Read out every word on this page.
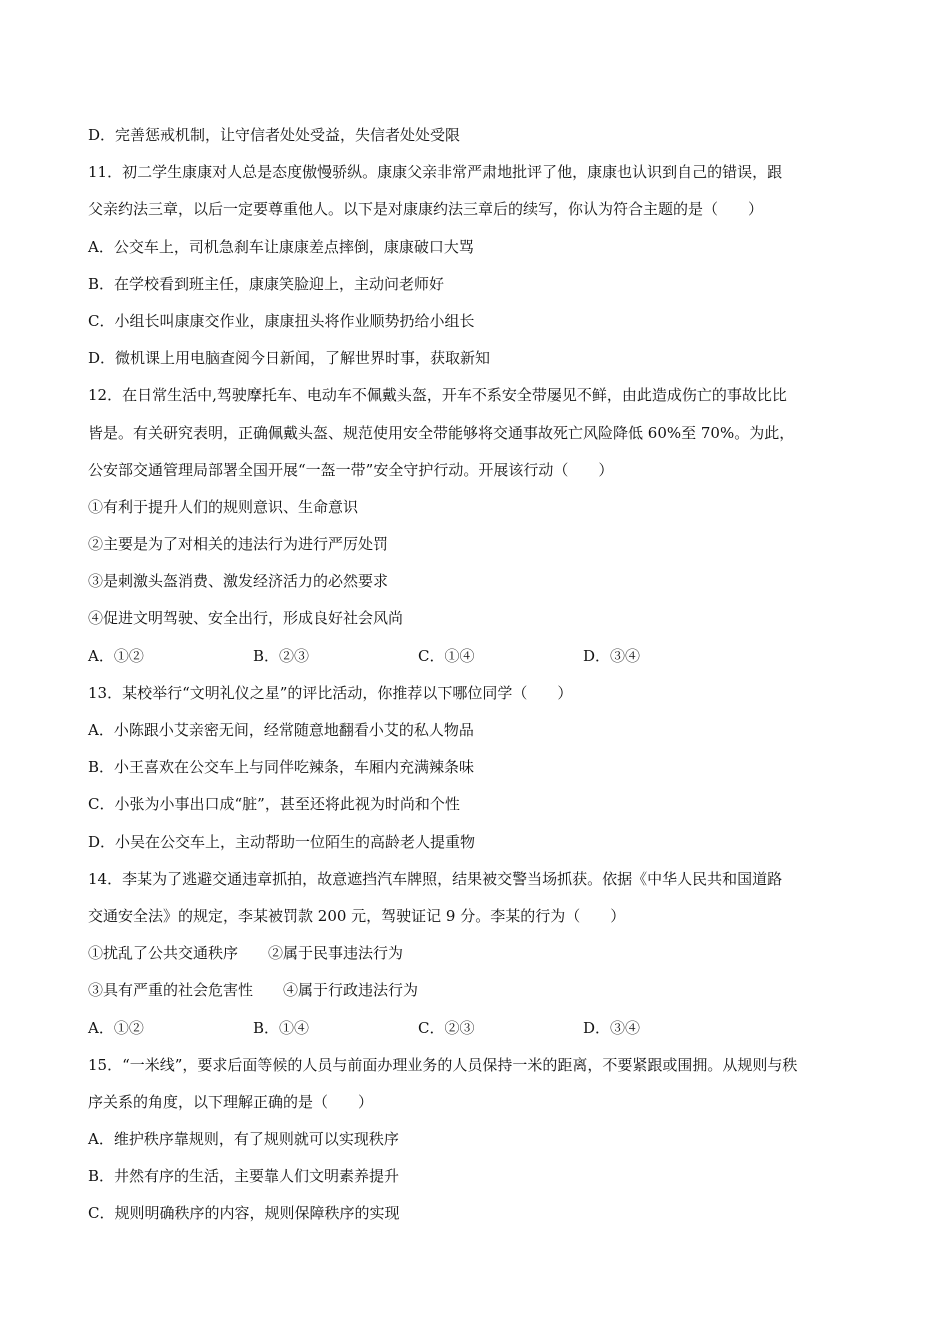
D．完善惩戒机制，让守信者处处受益，失信者处处受限
11．初二学生康康对人总是态度傲慢骄纵。康康父亲非常严肃地批评了他，康康也认识到自己的错误，跟
父亲约法三章，以后一定要尊重他人。以下是对康康约法三章后的续写，你认为符合主题的是（　　）
A．公交车上，司机急刹车让康康差点摔倒，康康破口大骂
B．在学校看到班主任，康康笑脸迎上，主动问老师好
C．小组长叫康康交作业，康康扭头将作业顺势扔给小组长
D．微机课上用电脑查阅今日新闻，了解世界时事，获取新知
12．在日常生活中,驾驶摩托车、电动车不佩戴头盔，开车不系安全带屡见不鲜，由此造成伤亡的事故比比
皆是。有关研究表明，正确佩戴头盔、规范使用安全带能够将交通事故死亡风险降低 60%至 70%。为此，
公安部交通管理局部署全国开展“一盔一带”安全守护行动。开展该行动（　　）
①有利于提升人们的规则意识、生命意识
②主要是为了对相关的违法行为进行严厉处罚
③是刺激头盔消费、激发经济活力的必然要求
④促进文明驾驶、安全出行，形成良好社会风尚
A．①②	B．②③	C．①④	D．③④
13．某校举行“文明礼仪之星”的评比活动，你推荐以下哪位同学（　　）
A．小陈跟小艾亲密无间，经常随意地翻看小艾的私人物品
B．小王喜欢在公交车上与同伴吃辣条，车厢内充满辣条味
C．小张为小事出口成“脏”，甚至还将此视为时尚和个性
D．小吴在公交车上，主动帮助一位陌生的高龄老人提重物
14．李某为了逃避交通违章抓拍，故意遮挡汽车牌照，结果被交警当场抓获。依据《中华人民共和国道路
交通安全法》的规定，李某被罚款 200 元，驾驶证记 9 分。李某的行为（　　）
①扰乱了公共交通秩序 ②属于民事违法行为
③具有严重的社会危害性 ④属于行政违法行为
A．①②	B．①④	C．②③	D．③④
15．“一米线”，要求后面等候的人员与前面办理业务的人员保持一米的距离，不要紧跟或围拥。从规则与秩
序关系的角度，以下理解正确的是（　　）
A．维护秩序靠规则，有了规则就可以实现秩序
B．井然有序的生活，主要靠人们文明素养提升
C．规则明确秩序的内容，规则保障秩序的实现
